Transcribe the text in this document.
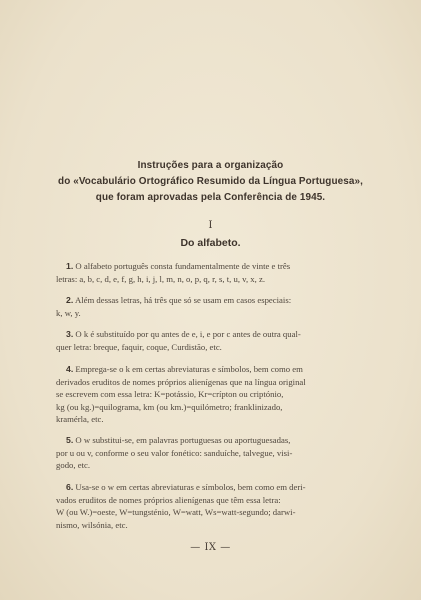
Instruções para a organização
do «Vocabulário Ortográfico Resumido da Língua Portuguesa»,
que foram aprovadas pela Conferência de 1945.
I
Do alfabeto.
1. O alfabeto português consta fundamentalmente de vinte e três
letras: a, b, c, d, e, f, g, h, i, j, l, m, n, o, p, q, r, s, t, u, v, x, z.
2. Além dessas letras, há três que só se usam em casos especiais:
k, w, y.
3. O k é substituído por qu antes de e, i, e por c antes de outra qual-
quer letra: breque, faquir, coque, Curdistão, etc.
4. Emprega-se o k em certas abreviaturas e símbolos, bem como em
derivados eruditos de nomes próprios alienígenas que na língua original
se escrevem com essa letra: K=potássio, Kr=crípton ou criptónio,
kg (ou kg.)=quilograma, km (ou km.)=quilómetro; franklinizado,
kramérla, etc.
5. O w substitui-se, em palavras portuguesas ou aportuguesadas,
por u ou v, conforme o seu valor fonético: sanduíche, talvegue, visi-
godo, etc.
6. Usa-se o w em certas abreviaturas e símbolos, bem como em deri-
vados eruditos de nomes próprios alienígenas que têm essa letra:
W (ou W.)=oeste, W=tungsténio, W=watt, Ws=watt-segundo; darwi-
nismo, wilsónia, etc.
— IX —
